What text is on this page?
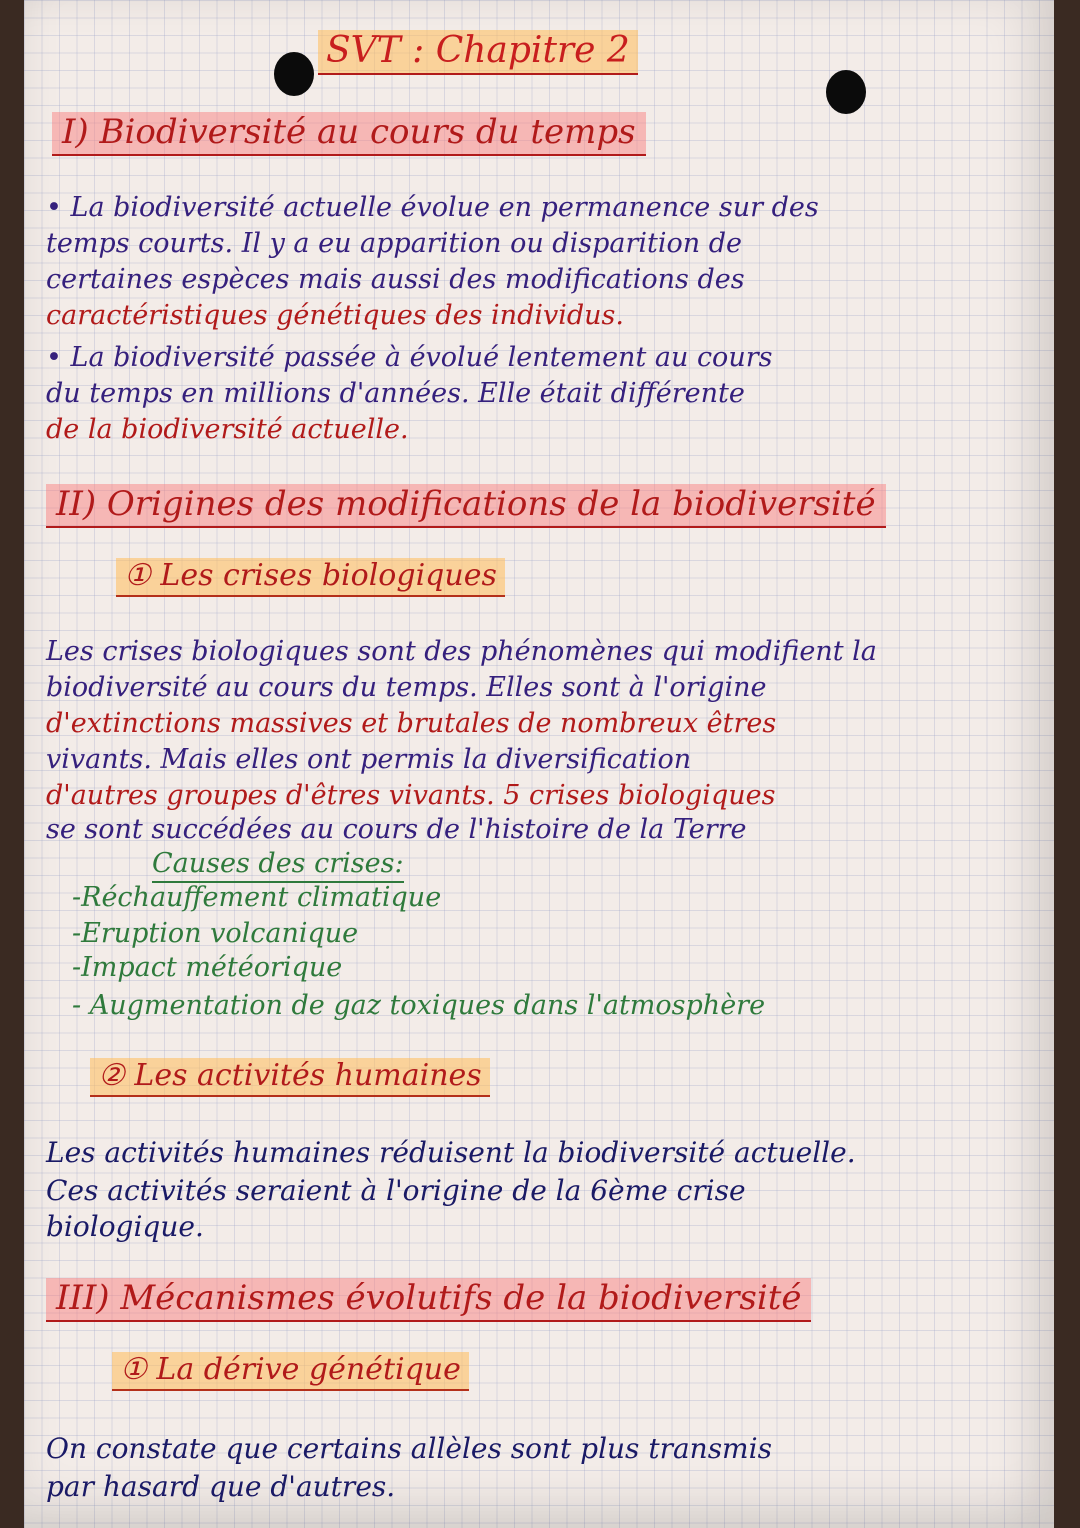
SVT : Chapitre 2
I) Biodiversité au cours du temps
• La biodiversité actuelle évolue en permanence sur des
temps courts. Il y a eu apparition ou disparition de
certaines espèces mais aussi des modifications des
caractéristiques génétiques des individus.
• La biodiversité passée à évolué lentement au cours
du temps en millions d'années. Elle était différente
de la biodiversité actuelle.
II) Origines des modifications de la biodiversité
① Les crises biologiques
Les crises biologiques sont des phénomènes qui modifient la
biodiversité au cours du temps. Elles sont à l'origine
d'extinctions massives et brutales de nombreux êtres
vivants. Mais elles ont permis la diversification
d'autres groupes d'êtres vivants. 5 crises biologiques
se sont succédées au cours de l'histoire de la Terre
Causes des crises:
-Réchauffement climatique
-Eruption volcanique
-Impact météorique
- Augmentation de gaz toxiques dans l'atmosphère
② Les activités humaines
Les activités humaines réduisent la biodiversité actuelle.
Ces activités seraient à l'origine de la 6ème crise
biologique.
III) Mécanismes évolutifs de la biodiversité
① La dérive génétique
On constate que certains allèles sont plus transmis
par hasard que d'autres.
